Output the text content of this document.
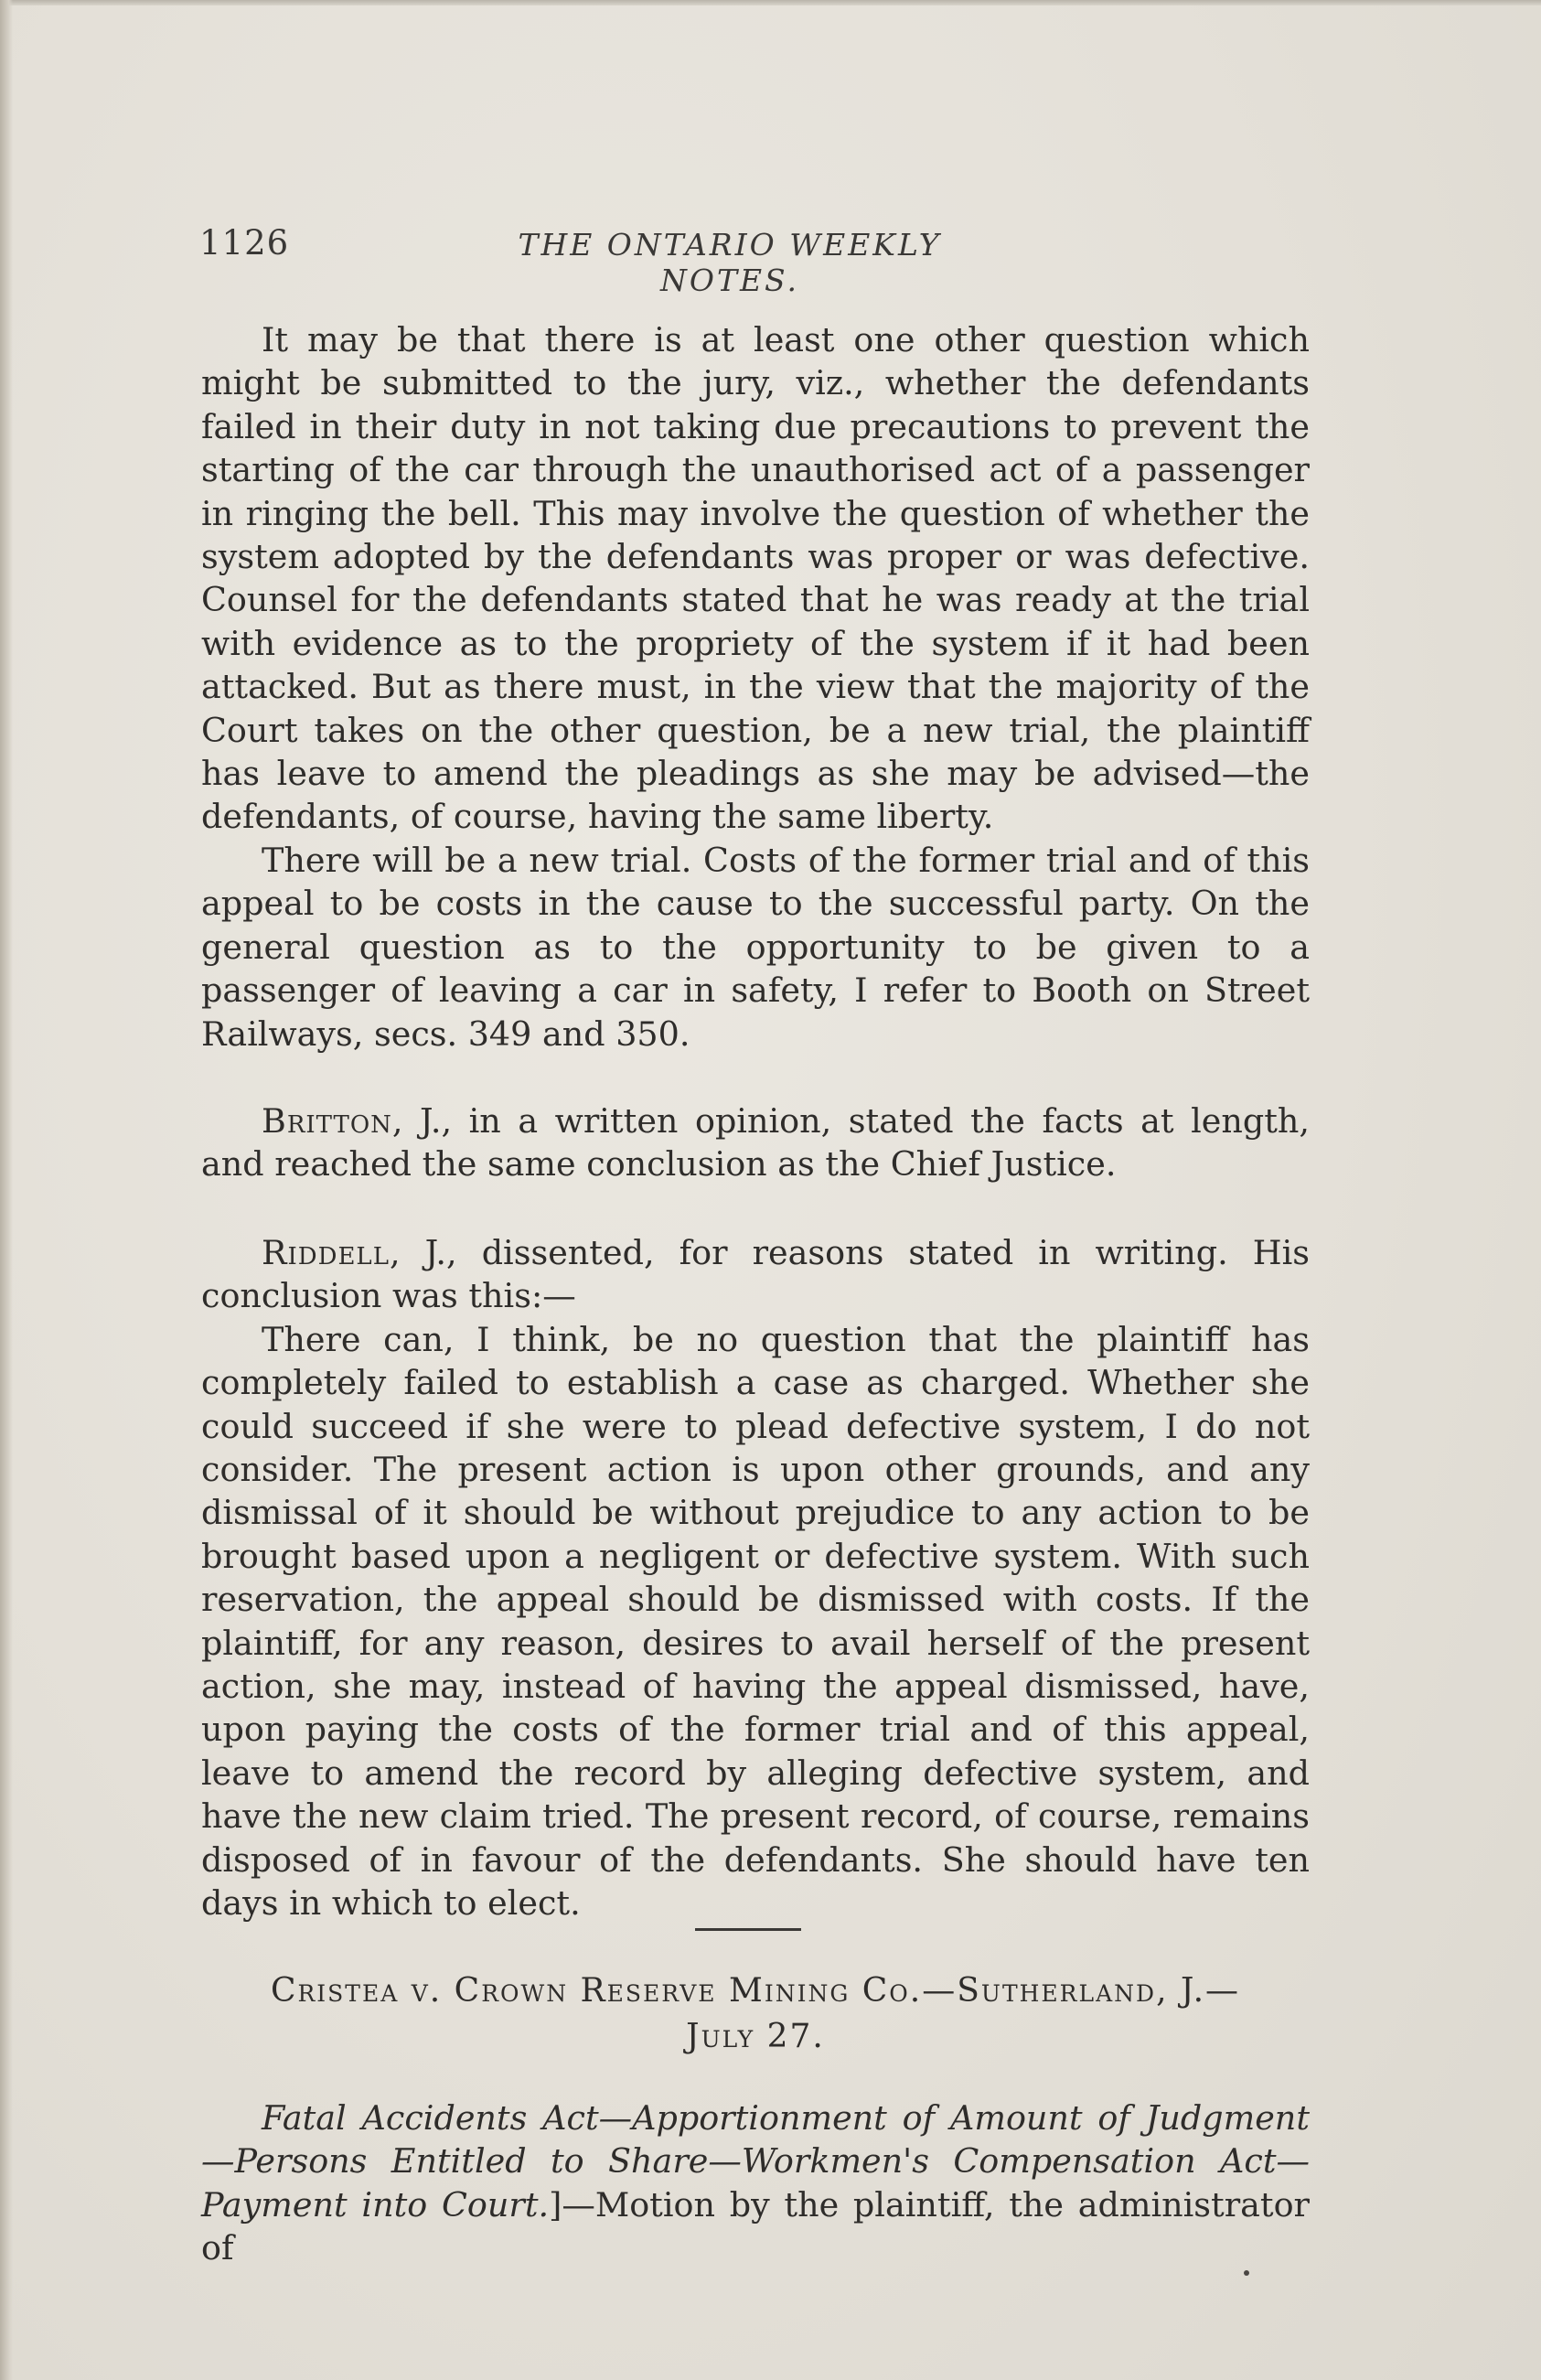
1126	THE ONTARIO WEEKLY NOTES.

It may be that there is at least one other question which might be submitted to the jury, viz., whether the defendants failed in their duty in not taking due precautions to prevent the starting of the car through the unauthorised act of a passenger in ringing the bell. This may involve the question of whether the system adopted by the defendants was proper or was defective. Counsel for the defendants stated that he was ready at the trial with evidence as to the propriety of the system if it had been attacked. But as there must, in the view that the majority of the Court takes on the other question, be a new trial, the plaintiff has leave to amend the pleadings as she may be advised—the defendants, of course, having the same liberty.

There will be a new trial. Costs of the former trial and of this appeal to be costs in the cause to the successful party. On the general question as to the opportunity to be given to a passenger of leaving a car in safety, I refer to Booth on Street Railways, secs. 349 and 350.

Britton, J., in a written opinion, stated the facts at length, and reached the same conclusion as the Chief Justice.

Riddell, J., dissented, for reasons stated in writing. His conclusion was this:—

There can, I think, be no question that the plaintiff has completely failed to establish a case as charged. Whether she could succeed if she were to plead defective system, I do not consider. The present action is upon other grounds, and any dismissal of it should be without prejudice to any action to be brought based upon a negligent or defective system. With such reservation, the appeal should be dismissed with costs. If the plaintiff, for any reason, desires to avail herself of the present action, she may, instead of having the appeal dismissed, have, upon paying the costs of the former trial and of this appeal, leave to amend the record by alleging defective system, and have the new claim tried. The present record, of course, remains disposed of in favour of the defendants. She should have ten days in which to elect.

Cristea v. Crown Reserve Mining Co.—Sutherland, J.—
July 27.

Fatal Accidents Act—Apportionment of Amount of Judgment—Persons Entitled to Share—Workmen's Compensation Act—Payment into Court.]—Motion by the plaintiff, the administrator of
